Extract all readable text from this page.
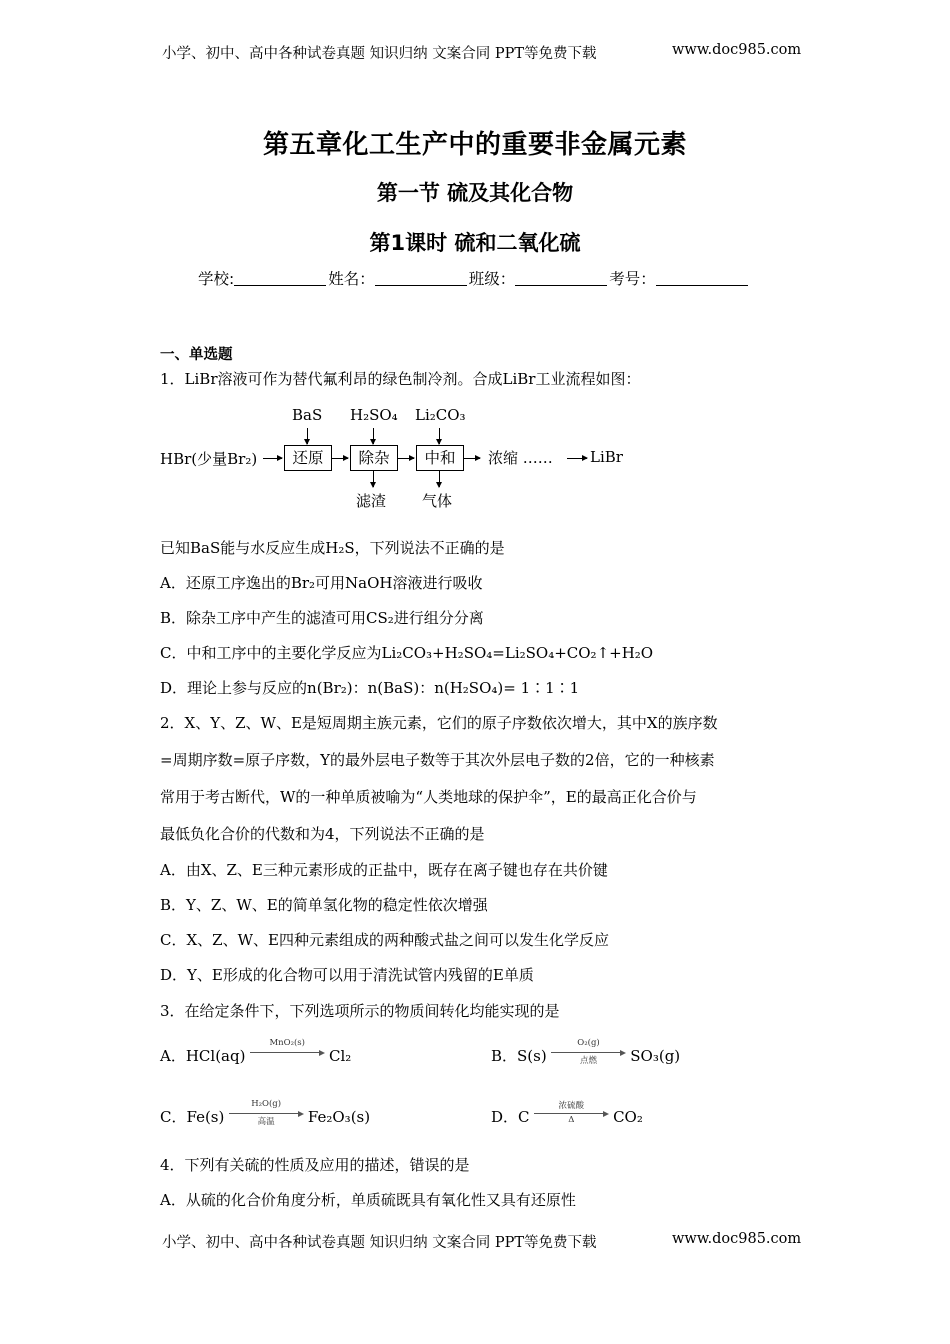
小学、初中、高中各种试卷真题 知识归纳 文案合同 PPT等免费下载	www.doc985.com
第五章化工生产中的重要非金属元素
第一节 硫及其化合物
第1课时 硫和二氧化硫
学校:	姓名：	班级：	考号：
一、单选题
1．LiBr溶液可作为替代氟利昂的绿色制冷剂。合成LiBr工业流程如图：
HBr(少量Br₂)	还原	除杂	中和	浓缩 …… LiBr
BaS H₂SO₄ Li₂CO₃
滤渣 气体
已知BaS能与水反应生成H₂S，下列说法不正确的是
A．还原工序逸出的Br₂可用NaOH溶液进行吸收
B．除杂工序中产生的滤渣可用CS₂进行组分分离
C．中和工序中的主要化学反应为Li₂CO₃+H₂SO₄=Li₂SO₄+CO₂↑+H₂O
D．理论上参与反应的n(Br₂)：n(BaS)：n(H₂SO₄)= 1∶1∶1
2．X、Y、Z、W、E是短周期主族元素，它们的原子序数依次增大，其中X的族序数
=周期序数=原子序数，Y的最外层电子数等于其次外层电子数的2倍，它的一种核素
常用于考古断代，W的一种单质被喻为“人类地球的保护伞”，E的最高正化合价与
最低负化合价的代数和为4，下列说法不正确的是
A．由X、Z、E三种元素形成的正盐中，既存在离子键也存在共价键
B．Y、Z、W、E的简单氢化物的稳定性依次增强
C．X、Z、W、E四种元素组成的两种酸式盐之间可以发生化学反应
D．Y、E形成的化合物可以用于清洗试管内残留的E单质
3．在给定条件下，下列选项所示的物质间转化均能实现的是
A．HCl(aq)
MnO₂(s)
Cl₂	B．S(s)
O₂(g)
点燃	SO₃(g)
C．Fe(s)
H₂O(g)
高温	Fe₂O₃(s)	D．C
浓硫酸
Δ	CO₂
4．下列有关硫的性质及应用的描述，错误的是
A．从硫的化合价角度分析，单质硫既具有氧化性又具有还原性
小学、初中、高中各种试卷真题 知识归纳 文案合同 PPT等免费下载	www.doc985.com
